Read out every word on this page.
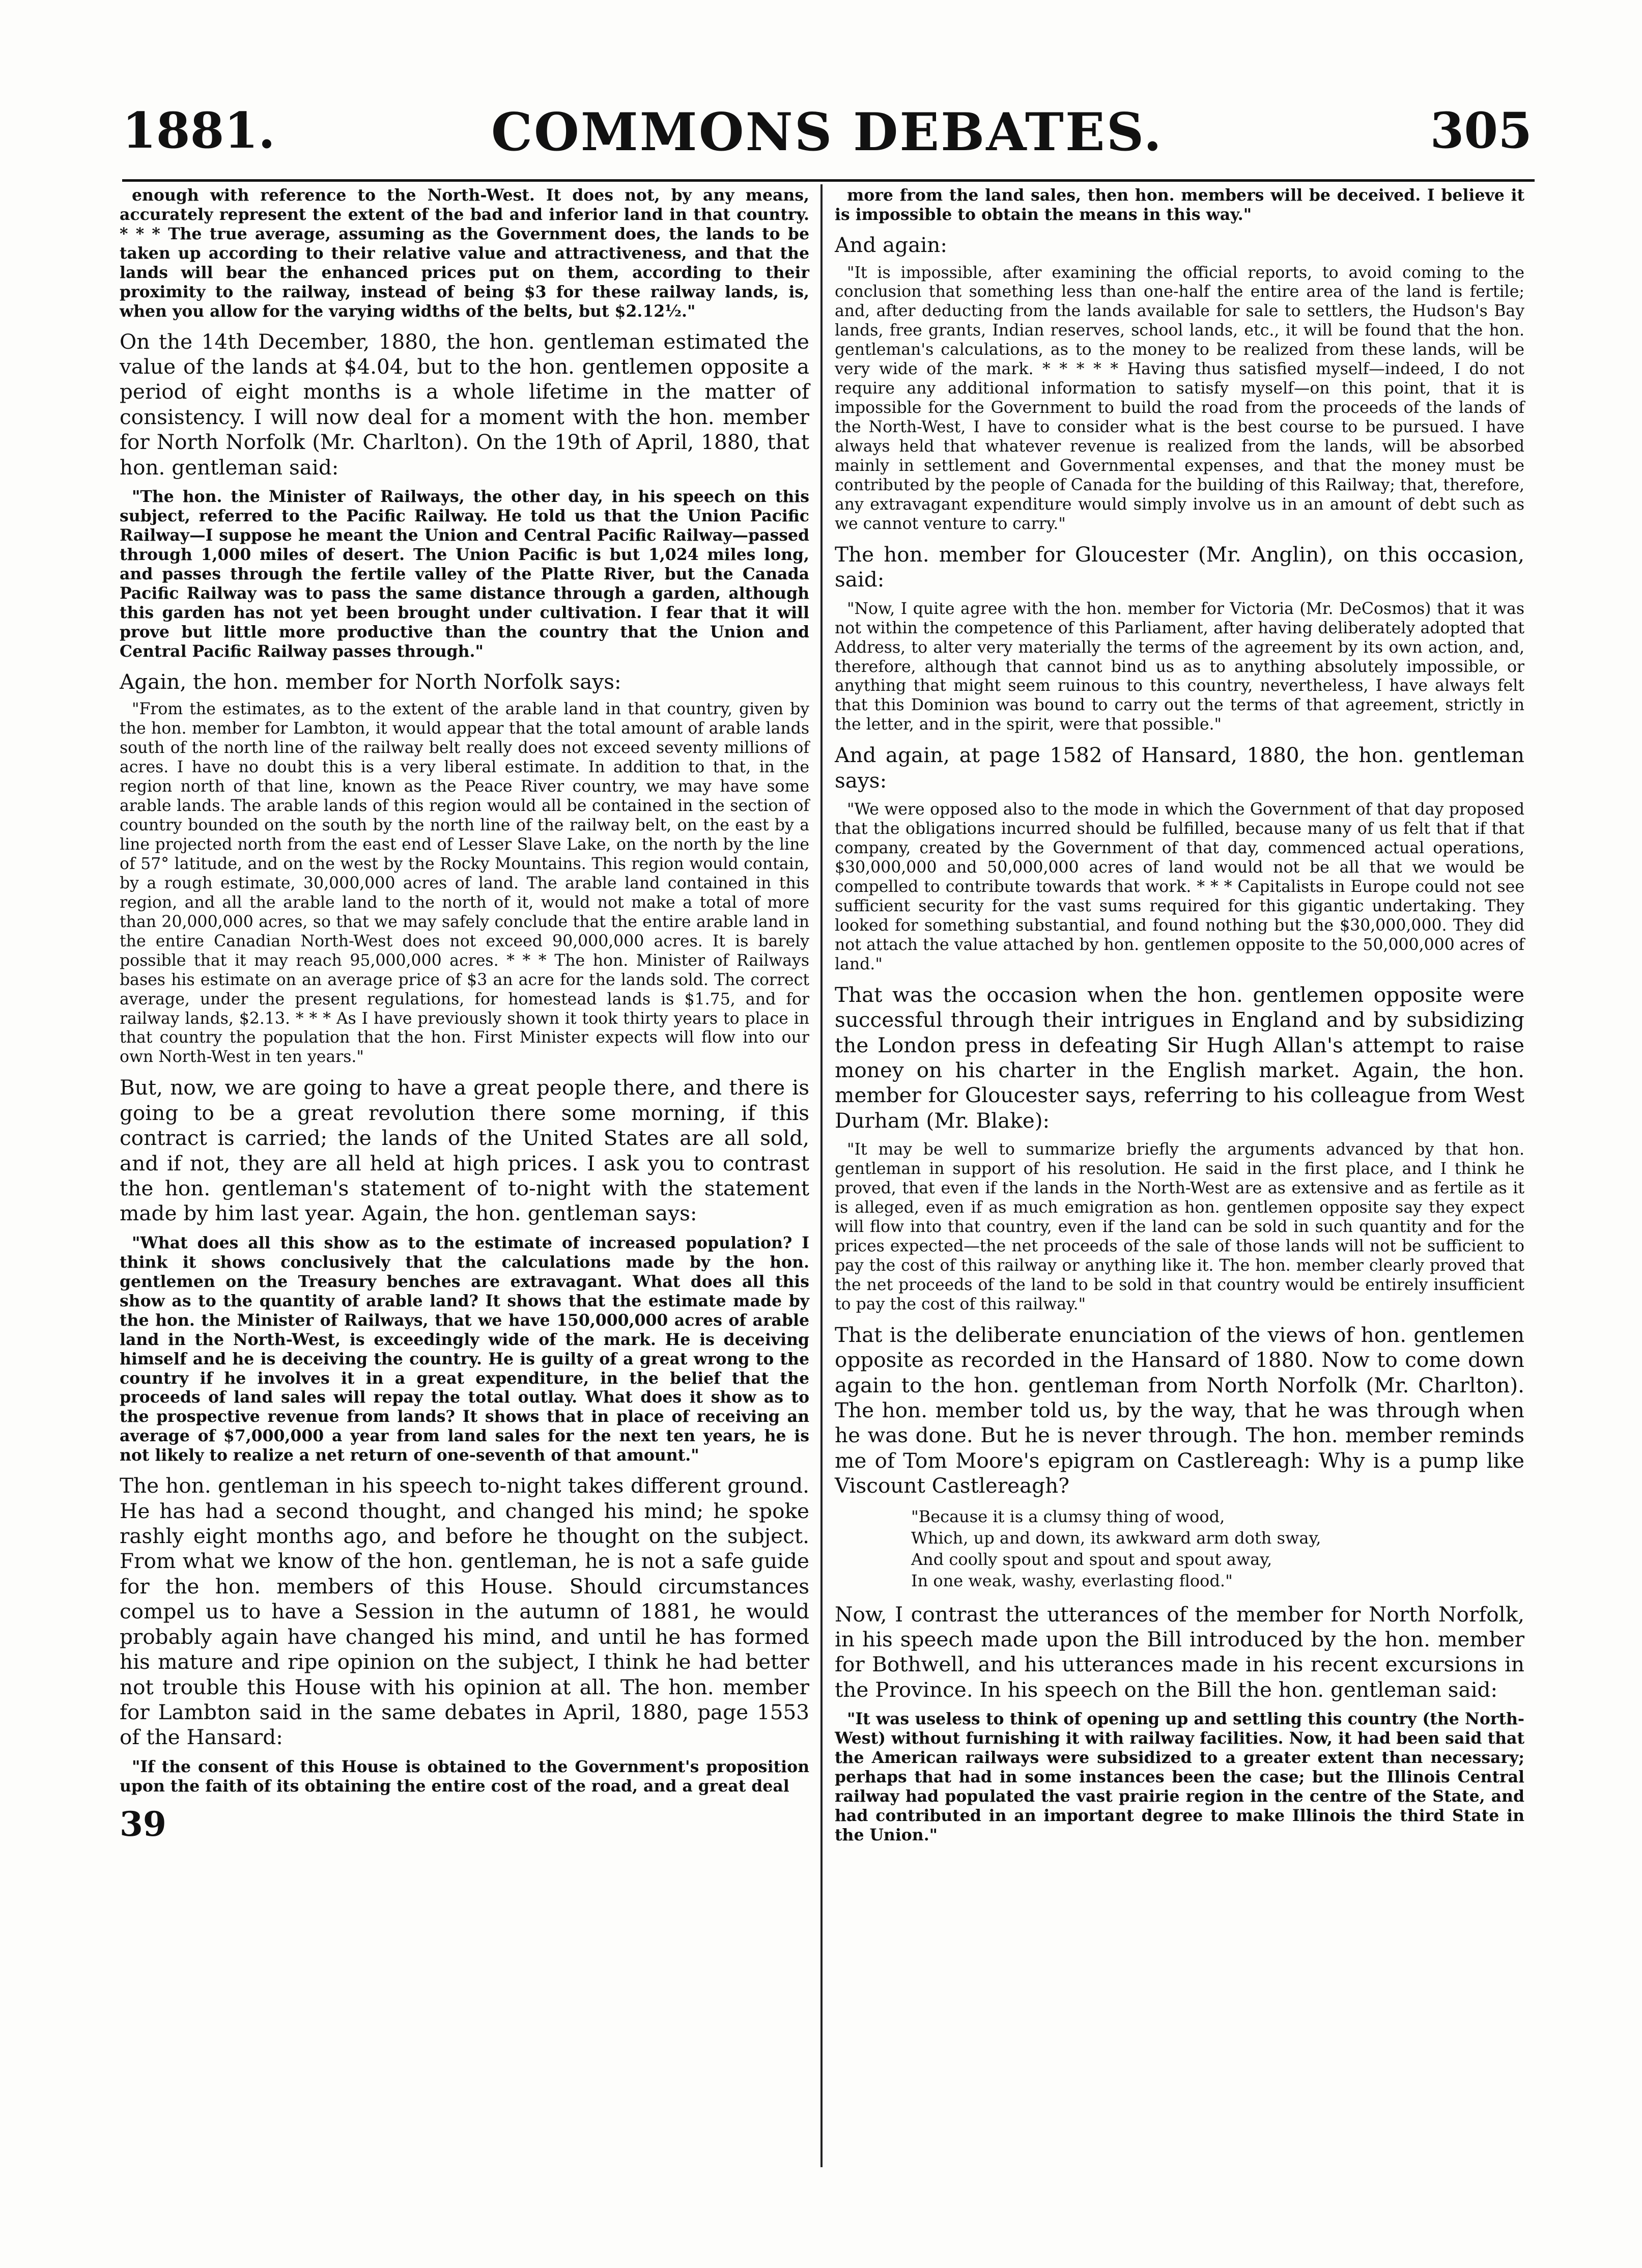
1881.	COMMONS DEBATES.	305

enough with reference to the North-West. It does not, by any means, accurately represent the extent of the bad and inferior land in that country. * * * The true average, assuming as the Government does, the lands to be taken up according to their relative value and attractiveness, and that the lands will bear the enhanced prices put on them, according to their proximity to the railway, instead of being $3 for these railway lands, is, when you allow for the varying widths of the belts, but $2.12½."

On the 14th December, 1880, the hon. gentleman estimated the value of the lands at $4.04, but to the hon. gentlemen opposite a period of eight months is a whole lifetime in the matter of consistency. I will now deal for a moment with the hon. member for North Norfolk (Mr. Charlton). On the 19th of April, 1880, that hon. gentleman said:

"The hon. the Minister of Railways, the other day, in his speech on this subject, referred to the Pacific Railway. He told us that the Union Pacific Railway—I suppose he meant the Union and Central Pacific Railway—passed through 1,000 miles of desert. The Union Pacific is but 1,024 miles long, and passes through the fertile valley of the Platte River, but the Canada Pacific Railway was to pass the same distance through a garden, although this garden has not yet been brought under cultivation. I fear that it will prove but little more productive than the country that the Union and Central Pacific Railway passes through."

Again, the hon. member for North Norfolk says:

"From the estimates, as to the extent of the arable land in that country, given by the hon. member for Lambton, it would appear that the total amount of arable lands south of the north line of the railway belt really does not exceed seventy millions of acres. I have no doubt this is a very liberal estimate. In addition to that, in the region north of that line, known as the Peace River country, we may have some arable lands. The arable lands of this region would all be contained in the section of country bounded on the south by the north line of the railway belt, on the east by a line projected north from the east end of Lesser Slave Lake, on the north by the line of 57° latitude, and on the west by the Rocky Mountains. This region would contain, by a rough estimate, 30,000,000 acres of land. The arable land contained in this region, and all the arable land to the north of it, would not make a total of more than 20,000,000 acres, so that we may safely conclude that the entire arable land in the entire Canadian North-West does not exceed 90,000,000 acres. It is barely possible that it may reach 95,000,000 acres. * * * The hon. Minister of Railways bases his estimate on an average price of $3 an acre for the lands sold. The correct average, under the present regulations, for homestead lands is $1.75, and for railway lands, $2.13. * * * As I have previously shown it took thirty years to place in that country the population that the hon. First Minister expects will flow into our own North-West in ten years."

But, now, we are going to have a great people there, and there is going to be a great revolution there some morning, if this contract is carried; the lands of the United States are all sold, and if not, they are all held at high prices. I ask you to contrast the hon. gentleman's statement of to-night with the statement made by him last year. Again, the hon. gentleman says:

"What does all this show as to the estimate of increased population? I think it shows conclusively that the calculations made by the hon. gentlemen on the Treasury benches are extravagant. What does all this show as to the quantity of arable land? It shows that the estimate made by the hon. the Minister of Railways, that we have 150,000,000 acres of arable land in the North-West, is exceedingly wide of the mark. He is deceiving himself and he is deceiving the country. He is guilty of a great wrong to the country if he involves it in a great expenditure, in the belief that the proceeds of land sales will repay the total outlay. What does it show as to the prospective revenue from lands? It shows that in place of receiving an average of $7,000,000 a year from land sales for the next ten years, he is not likely to realize a net return of one-seventh of that amount."

The hon. gentleman in his speech to-night takes different ground. He has had a second thought, and changed his mind; he spoke rashly eight months ago, and before he thought on the subject. From what we know of the hon. gentleman, he is not a safe guide for the hon. members of this House. Should circumstances compel us to have a Session in the autumn of 1881, he would probably again have changed his mind, and until he has formed his mature and ripe opinion on the subject, I think he had better not trouble this House with his opinion at all. The hon. member for Lambton said in the same debates in April, 1880, page 1553 of the Hansard:

"If the consent of this House is obtained to the Government's proposition upon the faith of its obtaining the entire cost of the road, and a great deal

39

more from the land sales, then hon. members will be deceived. I believe it is impossible to obtain the means in this way."

And again:

"It is impossible, after examining the official reports, to avoid coming to the conclusion that something less than one-half the entire area of the land is fertile; and, after deducting from the lands available for sale to settlers, the Hudson's Bay lands, free grants, Indian reserves, school lands, etc., it will be found that the hon. gentleman's calculations, as to the money to be realized from these lands, will be very wide of the mark. * * * * * Having thus satisfied myself—indeed, I do not require any additional information to satisfy myself—on this point, that it is impossible for the Government to build the road from the proceeds of the lands of the North-West, I have to consider what is the best course to be pursued. I have always held that whatever revenue is realized from the lands, will be absorbed mainly in settlement and Governmental expenses, and that the money must be contributed by the people of Canada for the building of this Railway; that, therefore, any extravagant expenditure would simply involve us in an amount of debt such as we cannot venture to carry."

The hon. member for Gloucester (Mr. Anglin), on this occasion, said:

"Now, I quite agree with the hon. member for Victoria (Mr. DeCosmos) that it was not within the competence of this Parliament, after having deliberately adopted that Address, to alter very materially the terms of the agreement by its own action, and, therefore, although that cannot bind us as to anything absolutely impossible, or anything that might seem ruinous to this country, nevertheless, I have always felt that this Dominion was bound to carry out the terms of that agreement, strictly in the letter, and in the spirit, were that possible."

And again, at page 1582 of Hansard, 1880, the hon. gentleman says:

"We were opposed also to the mode in which the Government of that day proposed that the obligations incurred should be fulfilled, because many of us felt that if that company, created by the Government of that day, commenced actual operations, $30,000,000 and 50,000,000 acres of land would not be all that we would be compelled to contribute towards that work. * * * Capitalists in Europe could not see sufficient security for the vast sums required for this gigantic undertaking. They looked for something substantial, and found nothing but the $30,000,000. They did not attach the value attached by hon. gentlemen opposite to the 50,000,000 acres of land."

That was the occasion when the hon. gentlemen opposite were successful through their intrigues in England and by subsidizing the London press in defeating Sir Hugh Allan's attempt to raise money on his charter in the English market. Again, the hon. member for Gloucester says, referring to his colleague from West Durham (Mr. Blake):

"It may be well to summarize briefly the arguments advanced by that hon. gentleman in support of his resolution. He said in the first place, and I think he proved, that even if the lands in the North-West are as extensive and as fertile as it is alleged, even if as much emigration as hon. gentlemen opposite say they expect will flow into that country, even if the land can be sold in such quantity and for the prices expected—the net proceeds of the sale of those lands will not be sufficient to pay the cost of this railway or anything like it. The hon. member clearly proved that the net proceeds of the land to be sold in that country would be entirely insufficient to pay the cost of this railway."

That is the deliberate enunciation of the views of hon. gentlemen opposite as recorded in the Hansard of 1880. Now to come down again to the hon. gentleman from North Norfolk (Mr. Charlton). The hon. member told us, by the way, that he was through when he was done. But he is never through. The hon. member reminds me of Tom Moore's epigram on Castlereagh: Why is a pump like Viscount Castlereagh?

"Because it is a clumsy thing of wood,
Which, up and down, its awkward arm doth sway,
And coolly spout and spout and spout away,
In one weak, washy, everlasting flood."

Now, I contrast the utterances of the member for North Norfolk, in his speech made upon the Bill introduced by the hon. member for Bothwell, and his utterances made in his recent excursions in the Province. In his speech on the Bill the hon. gentleman said:

"It was useless to think of opening up and settling this country (the North-West) without furnishing it with railway facilities. Now, it had been said that the American railways were subsidized to a greater extent than necessary; perhaps that had in some instances been the case; but the Illinois Central railway had populated the vast prairie region in the centre of the State, and had contributed in an important degree to make Illinois the third State in the Union."
